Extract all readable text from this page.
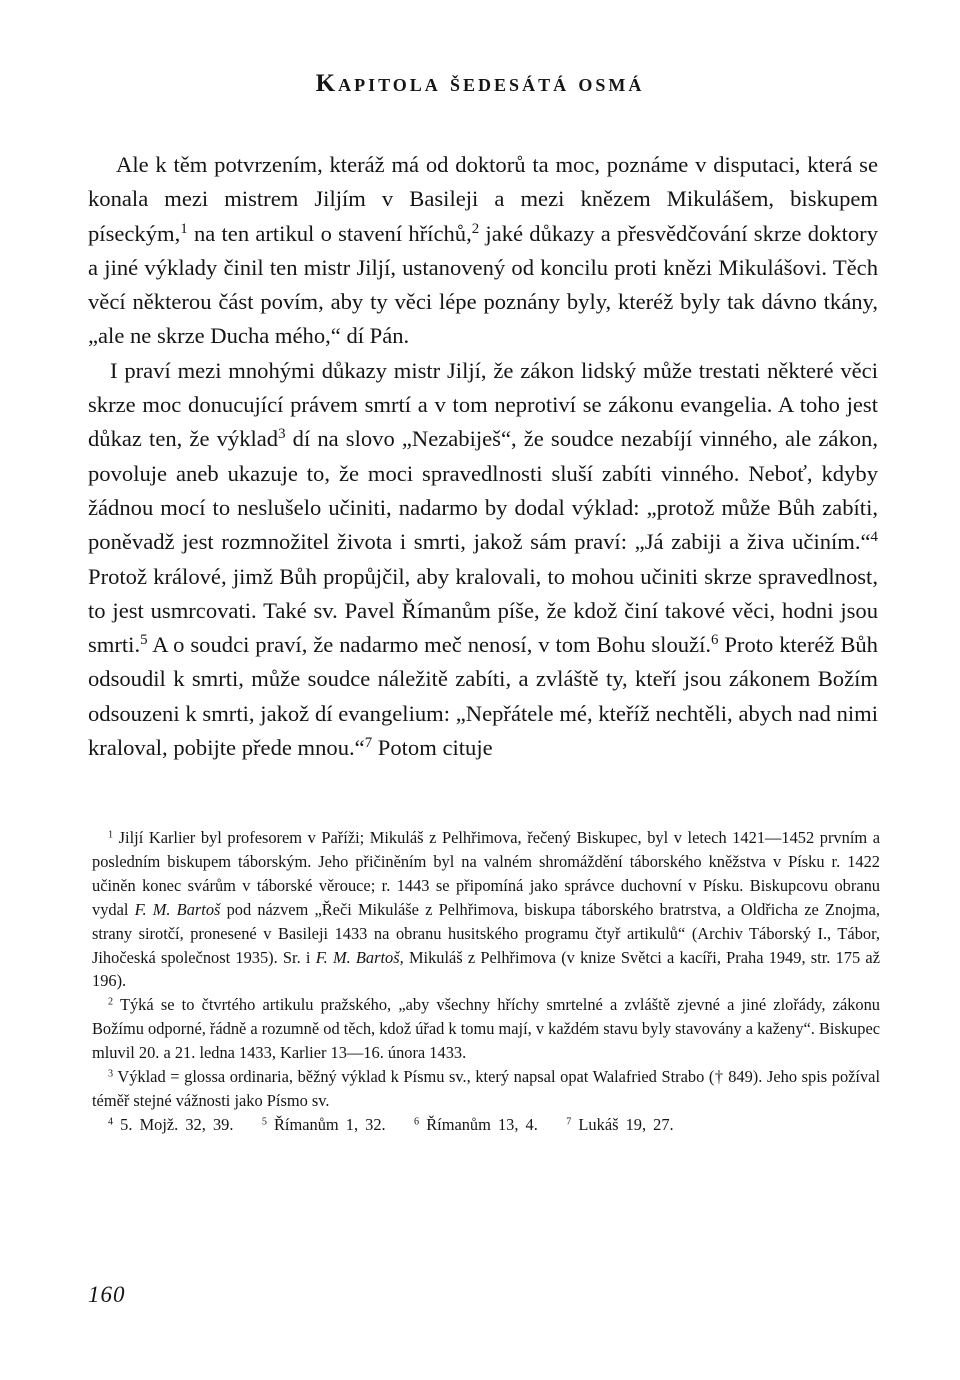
Kapitola šedesátá osmá

Ale k těm potvrzením, kteráž má od doktorů ta moc, poznáme v disputaci, která se konala mezi mistrem Jiljím v Basileji a mezi knězem Mikulášem, biskupem píseckým,$^1$ na ten artikul o stavení hříchů,$^2$ jaké důkazy a přesvědčování skrze doktory a jiné výklady činil ten mistr Jiljí, ustanovený od koncilu proti knězi Mikulášovi. Těch věcí některou část povím, aby ty věci lépe poznány byly, kteréž byly tak dávno tkány, „ale ne skrze Ducha mého,“ dí Pán.

I praví mezi mnohými důkazy mistr Jiljí, že zákon lidský může trestati některé věci skrze moc donucující právem smrtí a v tom neprotiví se zákonu evangelia. A toho jest důkaz ten, že výklad$^3$ dí na slovo „Nezabiješ“, že soudce nezabíjí vinného, ale zákon, povoluje aneb ukazuje to, že moci spravedlnosti sluší zabíti vinného. Neboť, kdyby žádnou mocí to neslušelo učiniti, nadarmo by dodal výklad: „protož může Bůh zabíti, poněvadž jest rozmnožitel života i smrti, jakož sám praví: „Já zabiji a živa učiním.“$^4$ Protož králové, jimž Bůh propůjčil, aby kralovali, to mohou učiniti skrze spravedlnost, to jest usmrcovati. Také sv. Pavel Římanům píše, že kdož činí takové věci, hodni jsou smrti.$^5$ A o soudci praví, že nadarmo meč nenosí, v tom Bohu slouží.$^6$ Proto kteréž Bůh odsoudil k smrti, může soudce náležitě zabíti, a zvláště ty, kteří jsou zákonem Božím odsouzeni k smrti, jakož dí evangelium: „Nepřátele mé, kteříž nechtěli, abych nad nimi kraloval, pobijte přede mnou.“$^7$ Potom cituje

$^1$ Jiljí Karlier byl profesorem v Paříži; Mikuláš z Pelhřimova, řečený Biskupec, byl v letech 1421—1452 prvním a posledním biskupem táborským. Jeho přičiněním byl na valném shromáždění táborského kněžstva v Písku r. 1422 učiněn konec svárům v táborské věrouce; r. 1443 se připomíná jako správce duchovní v Písku. Biskupcovu obranu vydal F. M. Bartoš pod názvem „Řeči Mikuláše z Pelhřimova, biskupa táborského bratrstva, a Oldřicha ze Znojma, strany sirotčí, pronesené v Basileji 1433 na obranu husitského programu čtyř artikulů“ (Archiv Táborský I., Tábor, Jihočeská společnost 1935). Sr. i F. M. Bartoš, Mikuláš z Pelhřimova (v knize Světci a kacíři, Praha 1949, str. 175 až 196).

$^2$ Týká se to čtvrtého artikulu pražského, „aby všechny hříchy smrtelné a zvláště zjevné a jiné zlořády, zákonu Božímu odporné, řádně a rozumně od těch, kdož úřad k tomu mají, v každém stavu byly stavovány a kaženy“. Biskupec mluvil 20. a 21. ledna 1433, Karlier 13—16. února 1433.

$^3$ Výklad = glossa ordinaria, běžný výklad k Písmu sv., který napsal opat Walafried Strabo († 849). Jeho spis požíval téměř stejné vážnosti jako Písmo sv.

$^4$ 5. Mojž. 32, 39.	$^5$ Římanům 1, 32.	$^6$ Římanům 13, 4.	$^7$ Lukáš 19, 27.

160
